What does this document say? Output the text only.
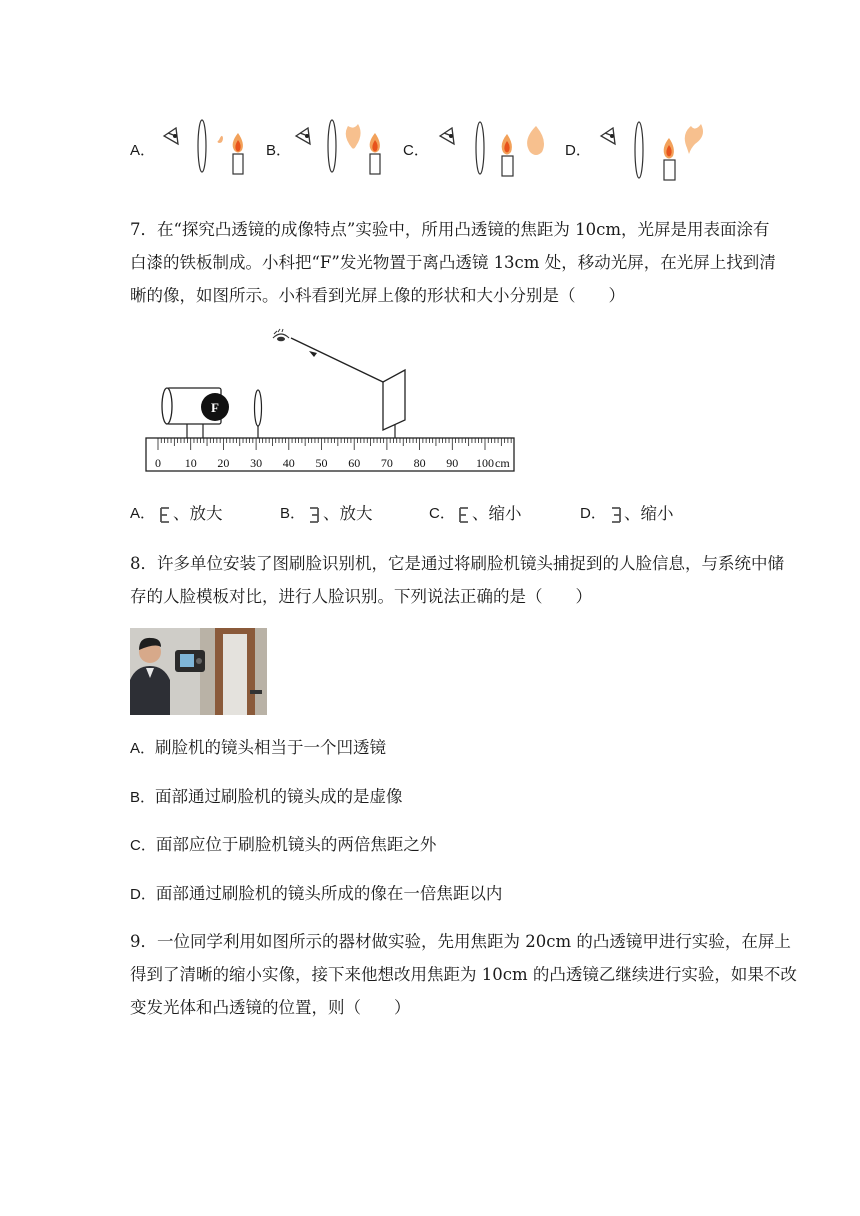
A．	B．	C．	D．
7．在“探究凸透镜的成像特点”实验中，所用凸透镜的焦距为 10cm，光屏是用表面涂有
白漆的铁板制成。小科把“F”发光物置于离凸透镜 13cm 处，移动光屏，在光屏上找到清
晰的像，如图所示。小科看到光屏上像的形状和大小分别是（　　）
F
0 10 20 30 40 50 60 70 80 90 100 cm
A． 、放大	B． 、放大	C． 、缩小	D． 、缩小
8．许多单位安装了图刷脸识别机，它是通过将刷脸机镜头捕捉到的人脸信息，与系统中储
存的人脸模板对比，进行人脸识别。下列说法正确的是（　　）
A．刷脸机的镜头相当于一个凹透镜
B．面部通过刷脸机的镜头成的是虚像
C．面部应位于刷脸机镜头的两倍焦距之外
D．面部通过刷脸机的镜头所成的像在一倍焦距以内
9．一位同学利用如图所示的器材做实验，先用焦距为 20cm 的凸透镜甲进行实验，在屏上
得到了清晰的缩小实像，接下来他想改用焦距为 10cm 的凸透镜乙继续进行实验，如果不改
变发光体和凸透镜的位置，则（　　）
